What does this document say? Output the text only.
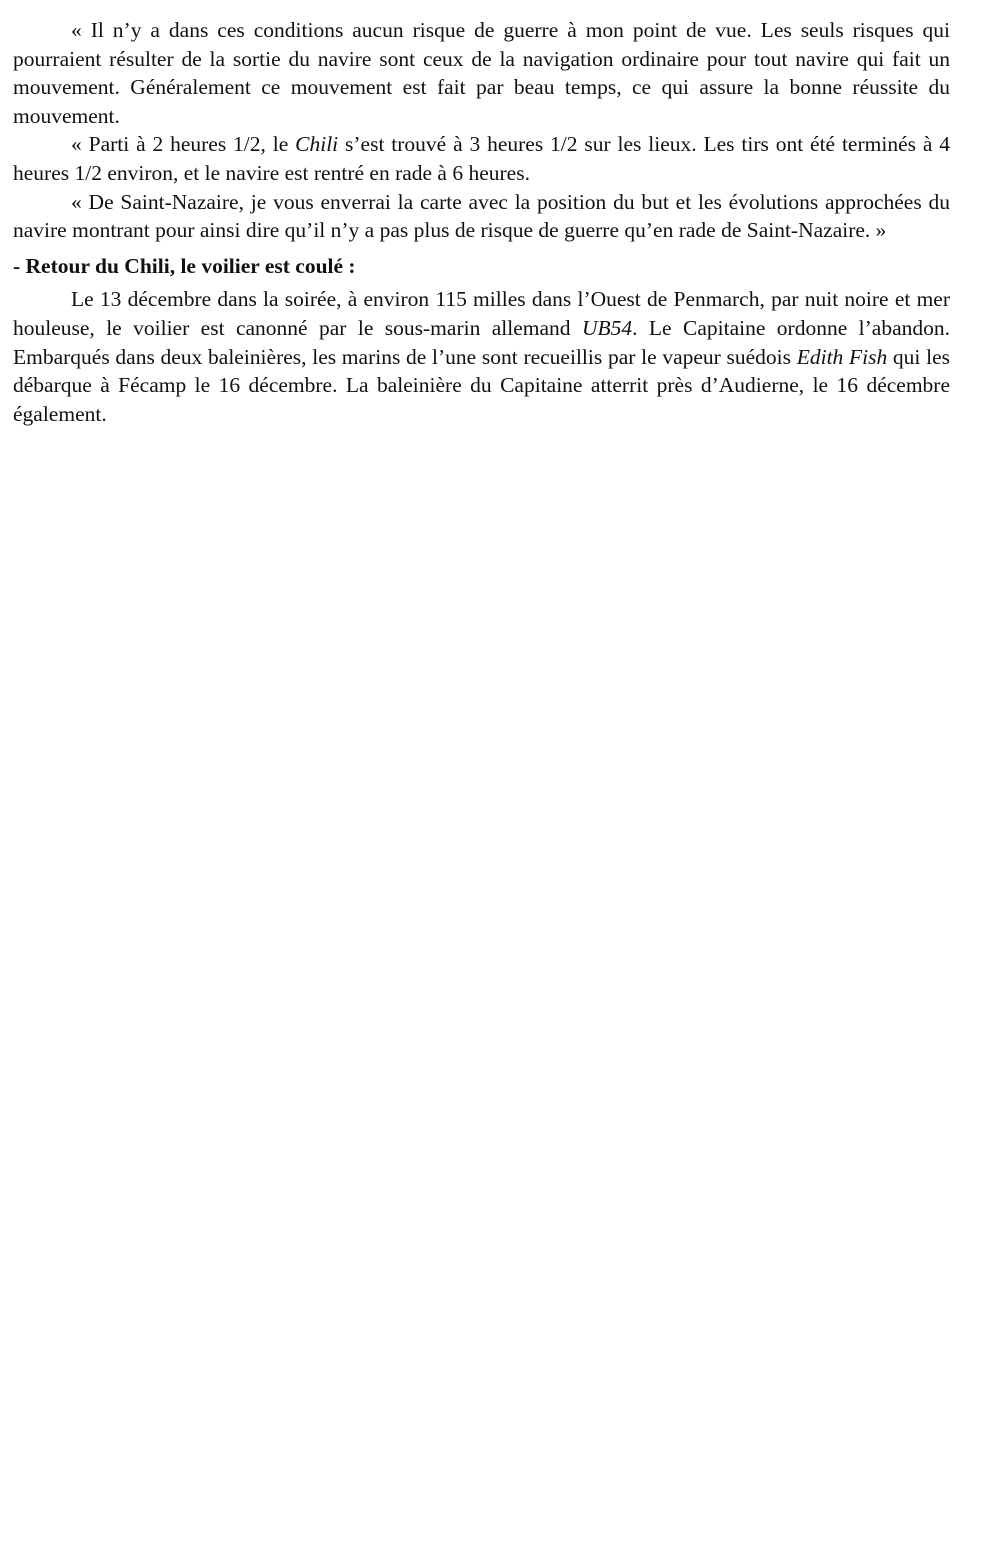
« Il n’y a dans ces conditions aucun risque de guerre à mon point de vue. Les seuls risques qui pourraient résulter de la sortie du navire sont ceux de la navigation ordinaire pour tout navire qui fait un mouvement. Généralement ce mouvement est fait par beau temps, ce qui assure la bonne réussite du mouvement.

« Parti à 2 heures 1/2, le Chili s’est trouvé à 3 heures 1/2 sur les lieux. Les tirs ont été terminés à 4 heures 1/2 environ, et le navire est rentré en rade à 6 heures.

« De Saint-Nazaire, je vous enverrai la carte avec la position du but et les évolutions approchées du navire montrant pour ainsi dire qu’il n’y a pas plus de risque de guerre qu’en rade de Saint-Nazaire. »

- Retour du Chili, le voilier est coulé :

Le 13 décembre dans la soirée, à environ 115 milles dans l’Ouest de Penmarch, par nuit noire et mer houleuse, le voilier est canonné par le sous-marin allemand UB54. Le Capitaine ordonne l’abandon. Embarqués dans deux baleinières, les marins de l’une sont recueillis par le vapeur suédois Edith Fish qui les débarque à Fécamp le 16 décembre. La baleinière du Capitaine atterrit près d’Audierne, le 16 décembre également.
